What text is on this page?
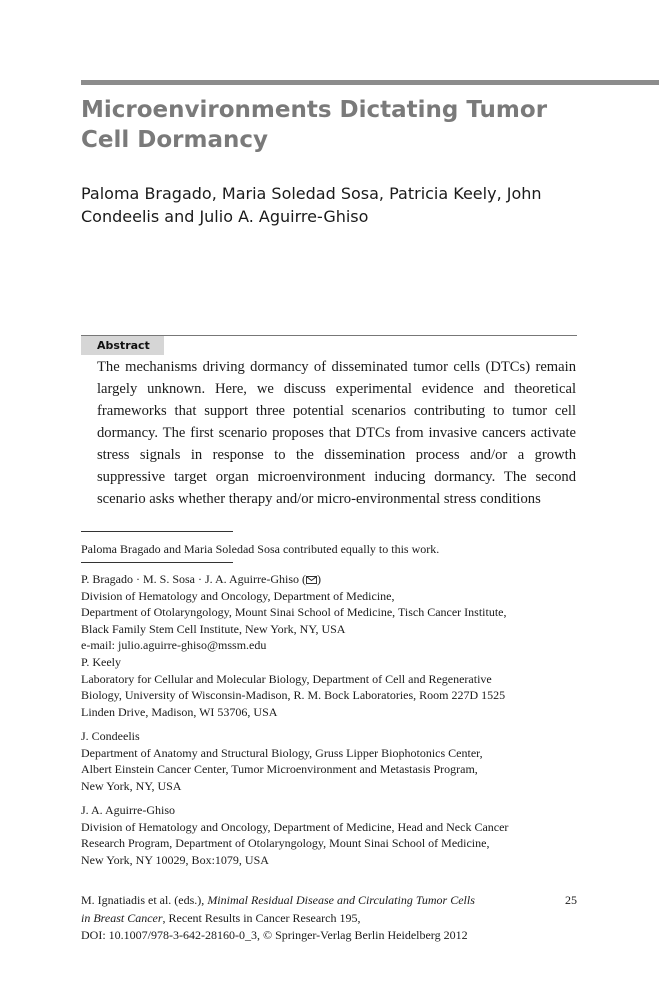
Microenvironments Dictating Tumor Cell Dormancy

Paloma Bragado, Maria Soledad Sosa, Patricia Keely, John Condeelis and Julio A. Aguirre-Ghiso

Abstract

The mechanisms driving dormancy of disseminated tumor cells (DTCs) remain largely unknown. Here, we discuss experimental evidence and theoretical frameworks that support three potential scenarios contributing to tumor cell dormancy. The first scenario proposes that DTCs from invasive cancers activate stress signals in response to the dissemination process and/or a growth suppressive target organ microenvironment inducing dormancy. The second scenario asks whether therapy and/or micro-environmental stress conditions

Paloma Bragado and Maria Soledad Sosa contributed equally to this work.

P. Bragado · M. S. Sosa · J. A. Aguirre-Ghiso ( )
Division of Hematology and Oncology, Department of Medicine,
Department of Otolaryngology, Mount Sinai School of Medicine, Tisch Cancer Institute,
Black Family Stem Cell Institute, New York, NY, USA
e-mail: julio.aguirre-ghiso@mssm.edu
P. Keely
Laboratory for Cellular and Molecular Biology, Department of Cell and Regenerative
Biology, University of Wisconsin-Madison, R. M. Bock Laboratories, Room 227D 1525
Linden Drive, Madison, WI 53706, USA
J. Condeelis
Department of Anatomy and Structural Biology, Gruss Lipper Biophotonics Center,
Albert Einstein Cancer Center, Tumor Microenvironment and Metastasis Program,
New York, NY, USA
J. A. Aguirre-Ghiso
Division of Hematology and Oncology, Department of Medicine, Head and Neck Cancer
Research Program, Department of Otolaryngology, Mount Sinai School of Medicine,
New York, NY 10029, Box:1079, USA
M. Ignatiadis et al. (eds.), Minimal Residual Disease and Circulating Tumor Cells
in Breast Cancer, Recent Results in Cancer Research 195,
DOI: 10.1007/978-3-642-28160-0_3, © Springer-Verlag Berlin Heidelberg 2012
25
